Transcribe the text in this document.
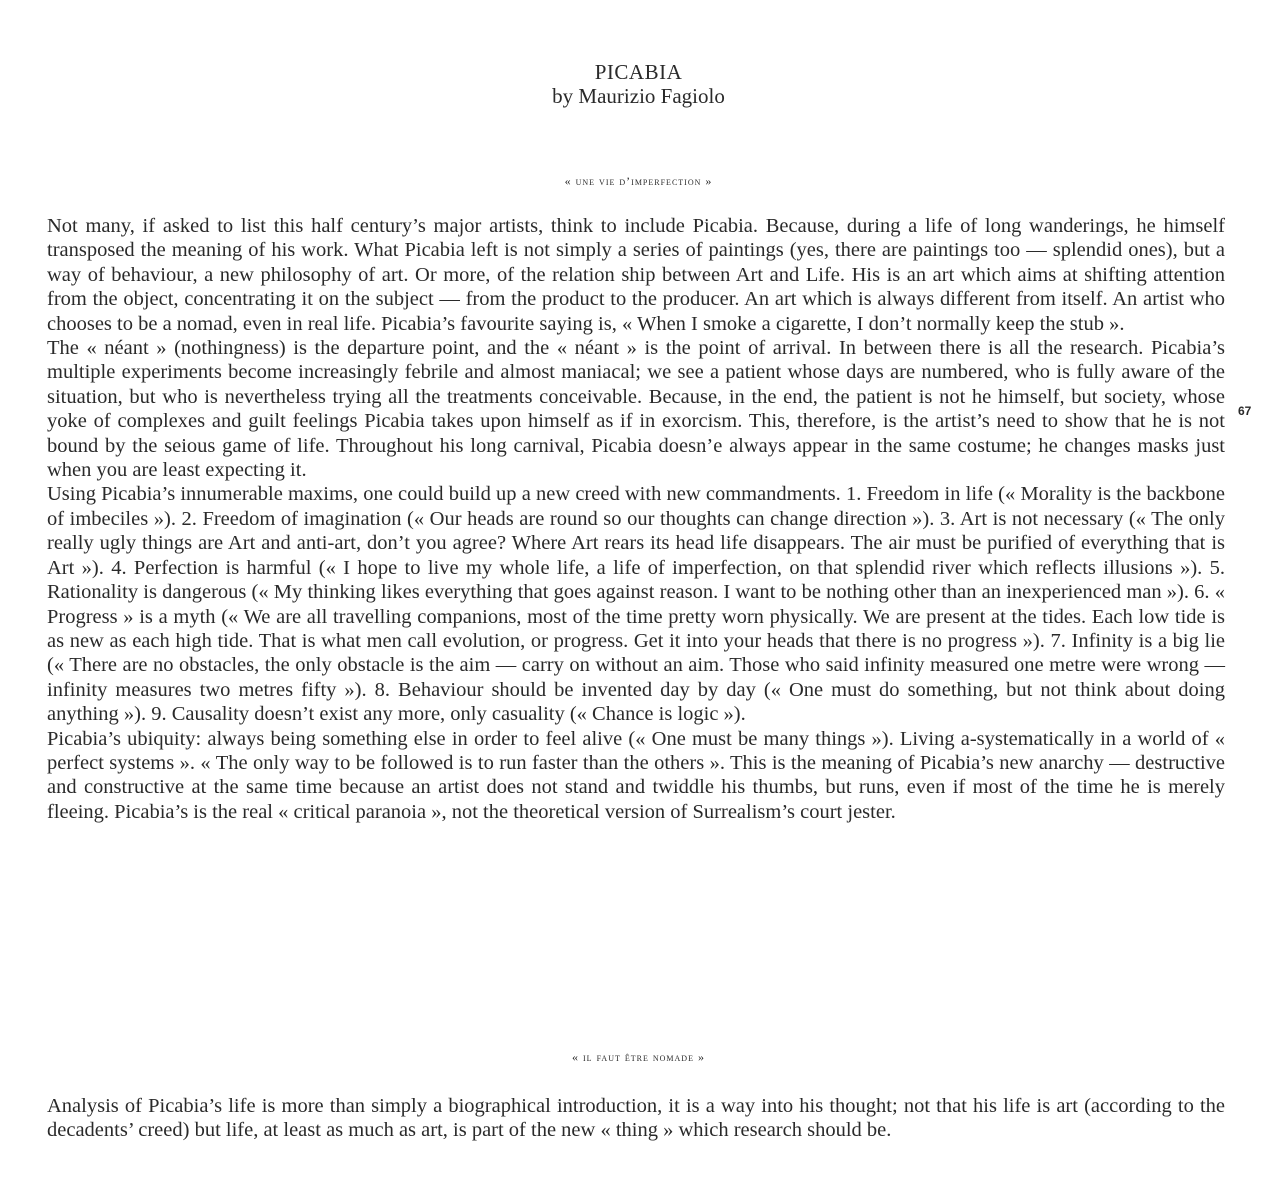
PICABIA
by Maurizio Fagiolo
« une vie d’imperfection »

Not many, if asked to list this half century’s major artists, think to include Picabia. Because, during a life of long wanderings, he himself transposed the meaning of his work. What Picabia left is not simply a series of paintings (yes, there are paintings too — splendid ones), but a way of behaviour, a new philosophy of art. Or more, of the relation ship between Art and Life. His is an art which aims at shifting attention from the object, concentrating it on the subject — from the product to the producer. An art which is always different from itself. An artist who chooses to be a nomad, even in real life. Picabia’s favourite saying is, « When I smoke a cigarette, I don’t normally keep the stub ».

The « néant » (nothingness) is the departure point, and the « néant » is the point of arrival. In between there is all the research. Picabia’s multiple experiments become increasingly febrile and almost maniacal; we see a patient whose days are numbered, who is fully aware of the situation, but who is nevertheless trying all the treatments conceivable. Because, in the end, the patient is not he himself, but society, whose yoke of complexes and guilt feelings Picabia takes upon himself as if in exorcism. This, therefore, is the artist’s need to show that he is not bound by the seious game of life. Throughout his long carnival, Picabia doesn’e always appear in the same costume; he changes masks just when you are least expecting it.

Using Picabia’s innumerable maxims, one could build up a new creed with new commandments. 1. Freedom in life (« Morality is the backbone of imbeciles »). 2. Freedom of imagination (« Our heads are round so our thoughts can change direction »). 3. Art is not necessary (« The only really ugly things are Art and anti-art, don’t you agree? Where Art rears its head life disappears. The air must be purified of everything that is Art »). 4. Perfection is harmful (« I hope to live my whole life, a life of imperfection, on that splendid river which reflects illusions »). 5. Rationality is dangerous (« My thinking likes everything that goes against reason. I want to be nothing other than an inexperienced man »). 6. « Progress » is a myth (« We are all travelling companions, most of the time pretty worn physically. We are present at the tides. Each low tide is as new as each high tide. That is what men call evolution, or progress. Get it into your heads that there is no progress »). 7. Infinity is a big lie (« There are no obstacles, the only obstacle is the aim — carry on without an aim. Those who said infinity measured one metre were wrong — infinity measures two metres fifty »). 8. Behaviour should be invented day by day (« One must do something, but not think about doing anything »). 9. Causality doesn’t exist any more, only casuality (« Chance is logic »).

Picabia’s ubiquity: always being something else in order to feel alive (« One must be many things »). Living a-systematically in a world of « perfect systems ». « The only way to be followed is to run faster than the others ». This is the meaning of Picabia’s new anarchy — destructive and constructive at the same time because an artist does not stand and twiddle his thumbs, but runs, even if most of the time he is merely fleeing. Picabia’s is the real « critical paranoia », not the theoretical version of Surrealism’s court jester.

67
« il faut être nomade »

Analysis of Picabia’s life is more than simply a biographical introduction, it is a way into his thought; not that his life is art (according to the decadents’ creed) but life, at least as much as art, is part of the new « thing » which research should be.
